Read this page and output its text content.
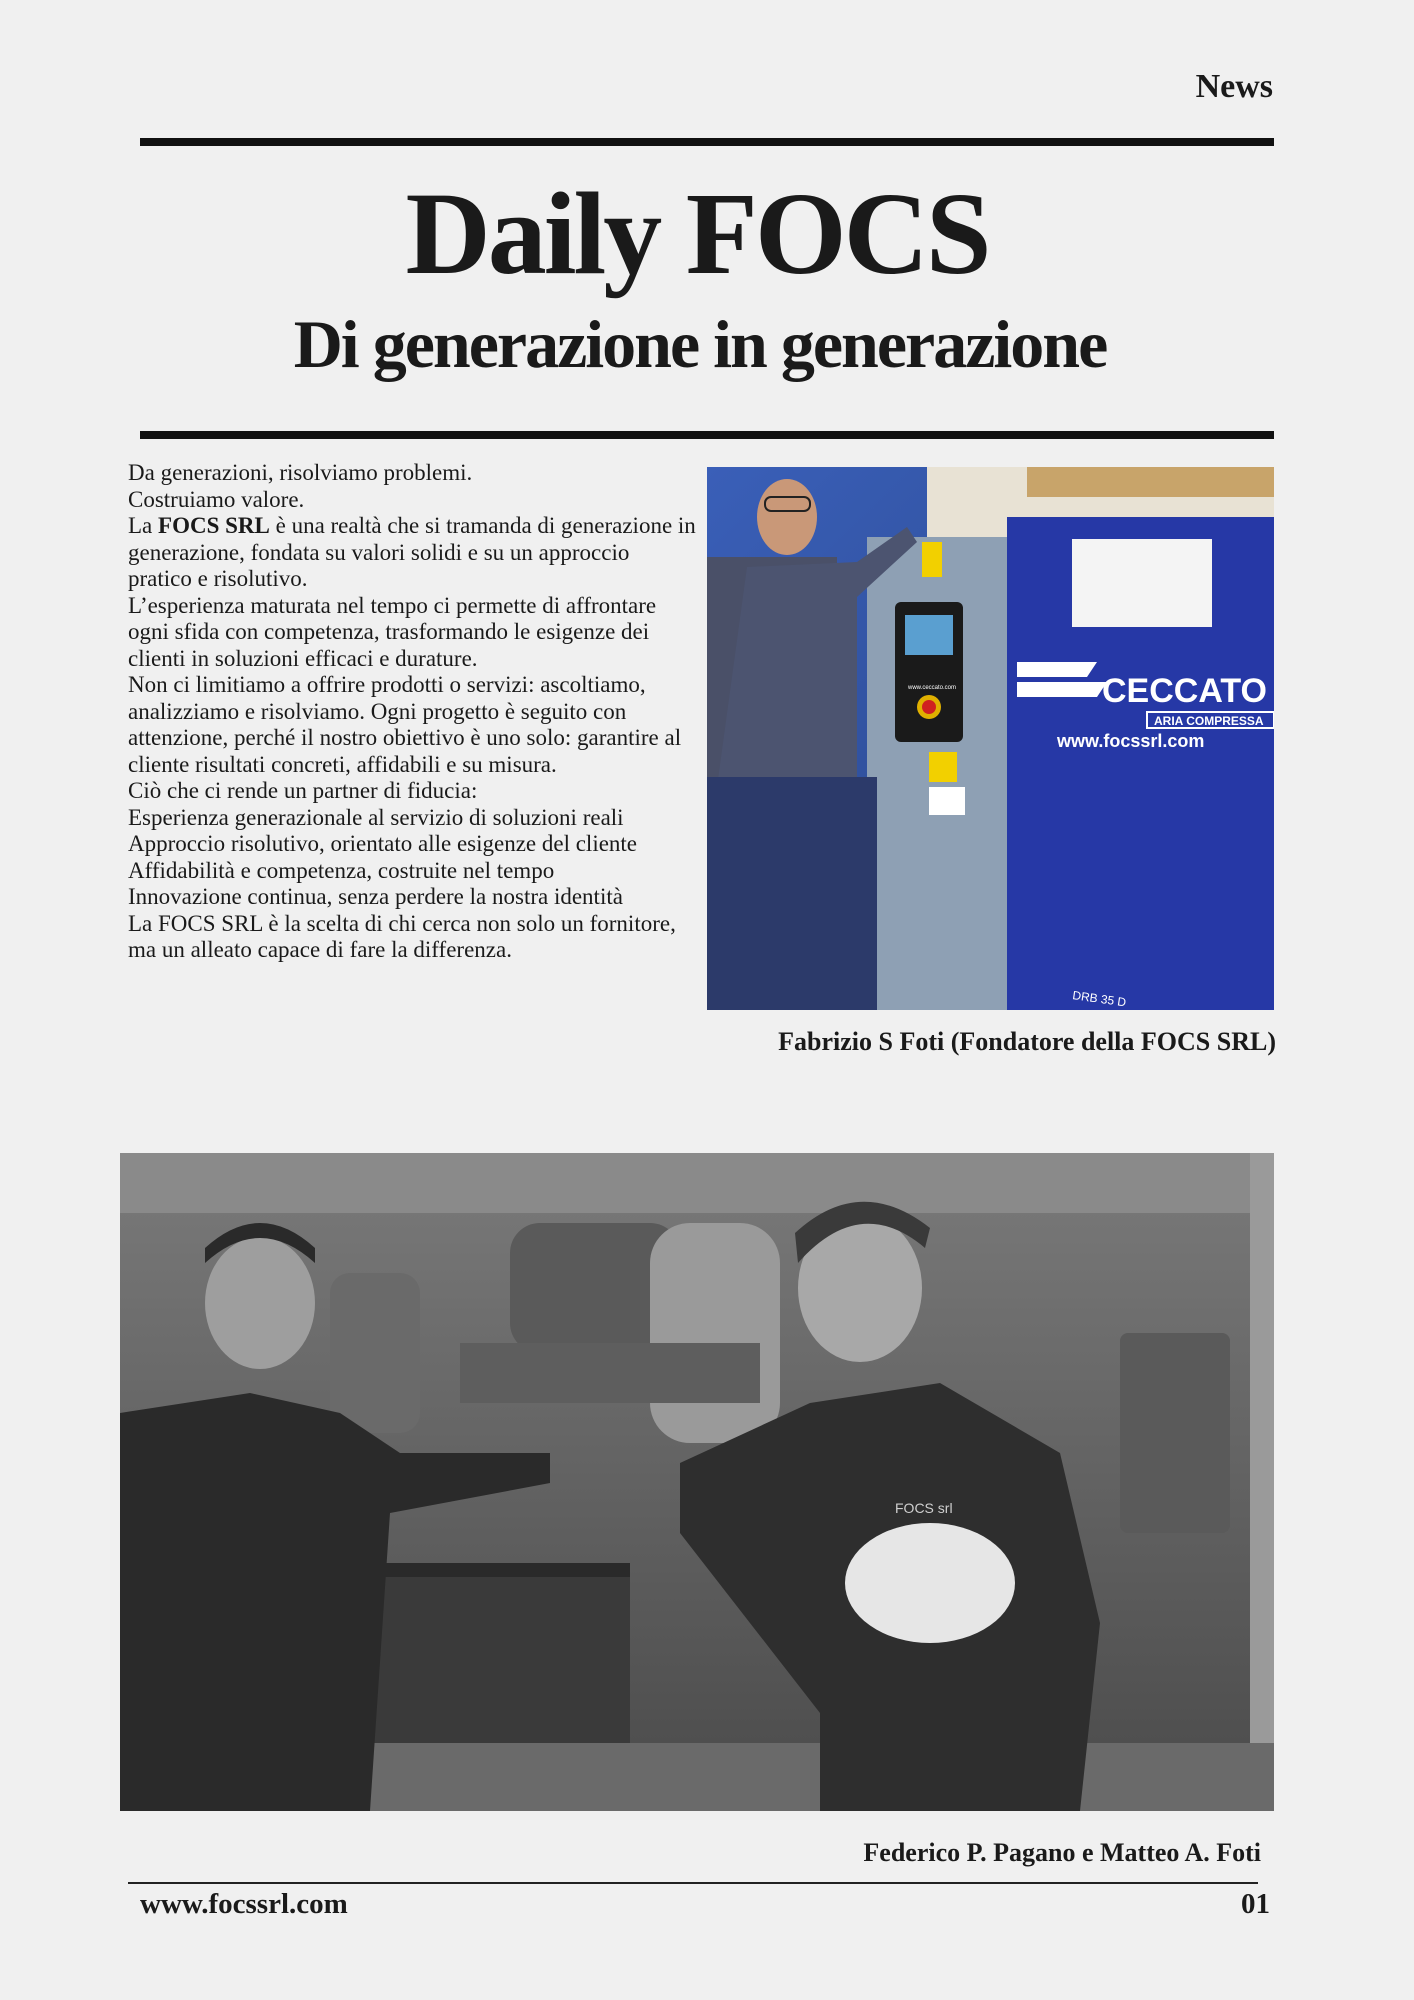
News
Daily FOCS
Di generazione in generazione

Da generazioni, risolviamo problemi.

Costruiamo valore.

La FOCS SRL è una realtà che si tramanda di generazione in generazione, fondata su valori solidi e su un approccio pratico e risolutivo.

L’esperienza maturata nel tempo ci permette di affrontare ogni sfida con competenza, trasformando le esigenze dei clienti in soluzioni efficaci e durature.

Non ci limitiamo a offrire prodotti o servizi: ascoltiamo, analizziamo e risolviamo. Ogni progetto è seguito con attenzione, perché il nostro obiettivo è uno solo: garantire al cliente risultati concreti, affidabili e su misura.

Ciò che ci rende un partner di fiducia:

Esperienza generazionale al servizio di soluzioni reali

Approccio risolutivo, orientato alle esigenze del cliente

Affidabilità e competenza, costruite nel tempo

Innovazione continua, senza perdere la nostra identità

La FOCS SRL è la scelta di chi cerca non solo un fornitore, ma un alleato capace di fare la differenza.

CECCATO
ARIA COMPRESSA
www.focssrl.com
www.ceccato.com
DRB 35 D
Fabrizio S Foti (Fondatore della FOCS SRL)
FOCS srl
Federico P. Pagano e Matteo A. Foti
www.focssrl.com	01
